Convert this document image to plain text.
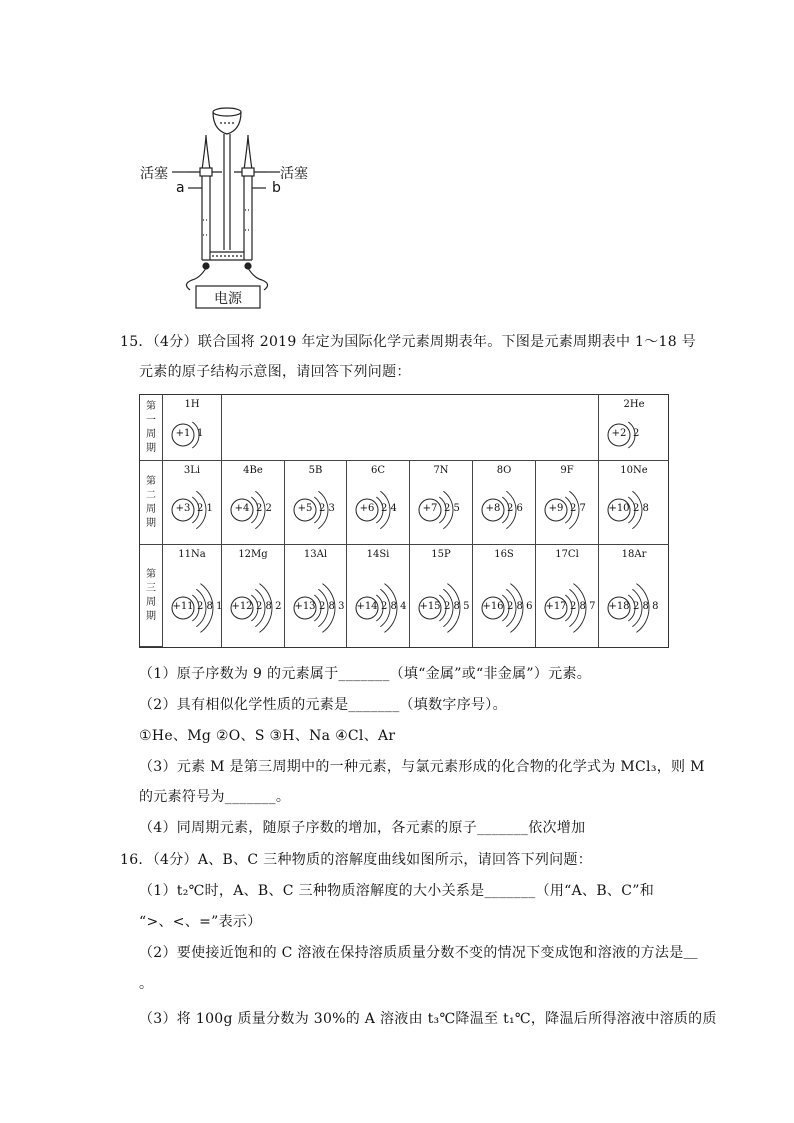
活塞	活塞
a	b
电源
15．（4分）联合国将 2019 年定为国际化学元素周期表年。下图是元素周期表中 1～18 号
元素的原子结构示意图，请回答下列问题：
第
一
周
期
第
二
周
期
第
三
周
期
1H
+1 1
2He
+2 2
3Li
+3 2 1
4Be
+4 2 2
5B
+5 2 3
6C
+6 2 4
7N
+7 2 5
8O
+8 2 6
9F
+9 2 7
10Ne
+10 2 8
11Na
+11 2 8 1
12Mg
+12 2 8 2
13Al
+13 2 8 3
14Si
+14 2 8 4
15P
+15 2 8 5
16S
+16 2 8 6
17Cl
+17 2 8 7
18Ar
+18 2 8 8
（1）原子序数为 9 的元素属于_______（填“金属”或“非金属”）元素。
（2）具有相似化学性质的元素是_______（填数字序号）。
①He、Mg ②O、S ③H、Na ④Cl、Ar
（3）元素 M 是第三周期中的一种元素，与氯元素形成的化合物的化学式为 MCl₃，则 M
的元素符号为_______。
（4）同周期元素，随原子序数的增加，各元素的原子_______依次增加
16．（4分）A、B、C 三种物质的溶解度曲线如图所示，请回答下列问题：
（1）t₂℃时，A、B、C 三种物质溶解度的大小关系是_______（用“A、B、C”和
“>、<、=”表示）
（2）要使接近饱和的 C 溶液在保持溶质质量分数不变的情况下变成饱和溶液的方法是＿
。
（3）将 100g 质量分数为 30%的 A 溶液由 t₃℃降温至 t₁℃，降温后所得溶液中溶质的质
